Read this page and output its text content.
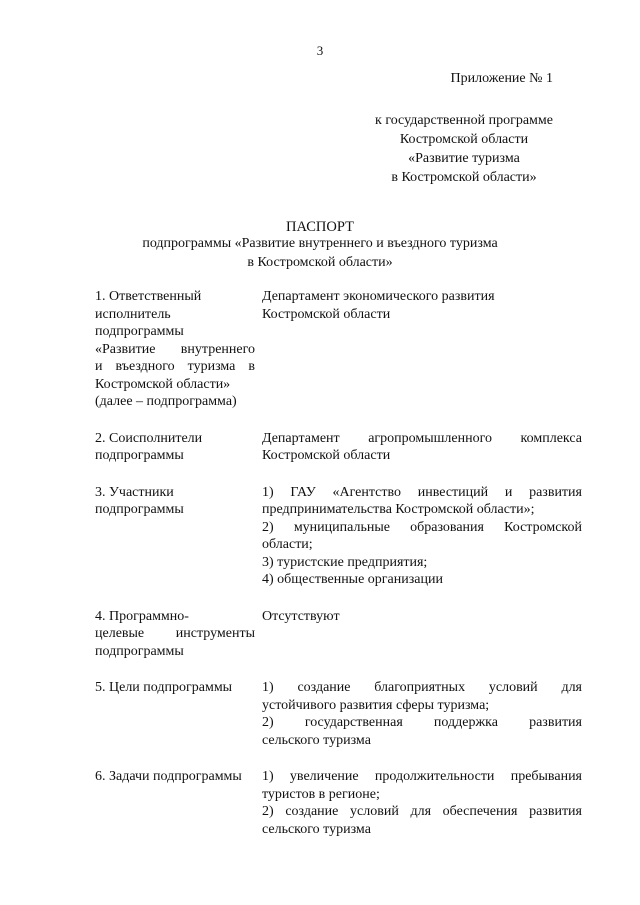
3
Приложение № 1
к государственной программе
Костромской области
«Развитие туризма
в Костромской области»
ПАСПОРТ
подпрограммы «Развитие внутреннего и въездного туризма
в Костромской области»
1. Ответственный
исполнитель
подпрограммы
«Развитие внутреннего
и въездного туризма в
Костромской области»
(далее – подпрограмма)
Департамент экономического развития
Костромской области
2. Соисполнители
подпрограммы
Департамент агропромышленного комплекса
Костромской области
3. Участники
подпрограммы
1) ГАУ «Агентство инвестиций и развития
предпринимательства Костромской области»;
2) муниципальные образования Костромской
области;
3) туристские предприятия;
4) общественные организации
4. Программно-
целевые инструменты
подпрограммы
Отсутствуют
5. Цели подпрограммы	1) создание благоприятных условий для
устойчивого развития сферы туризма;
2) государственная поддержка развития
сельского туризма
6. Задачи подпрограммы	1) увеличение продолжительности пребывания
туристов в регионе;
2) создание условий для обеспечения развития
сельского туризма
